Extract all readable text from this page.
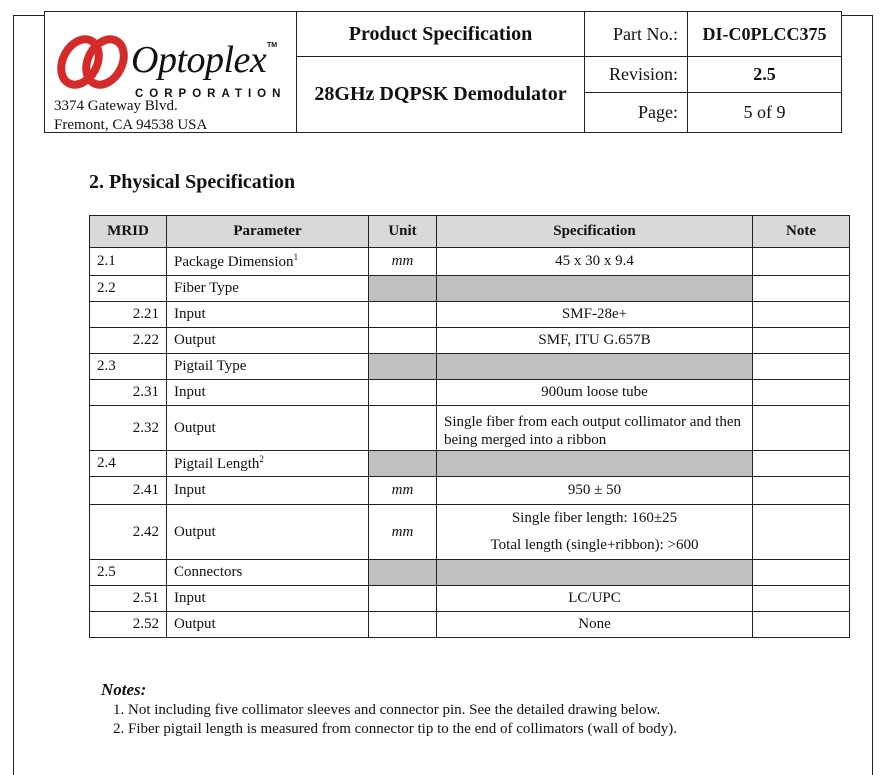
Optoplex TM
CORPORATION
3374 Gateway Blvd.
Fremont, CA 94538 USA
Product Specification
28GHz DQPSK Demodulator
Part No.:	DI-C0PLCC375
Revision:	2.5
Page:	5 of 9
2. Physical Specification
MRID	Parameter	Unit	Specification	Note
2.1	Package Dimension$^1$	mm	45 x 30 x 9.4	
2.2	Fiber Type			
2.21	Input		SMF-28e+	
2.22	Output		SMF, ITU G.657B	
2.3	Pigtail Type			
2.31	Input		900um loose tube	
2.32	Output		Single fiber from each output collimator and then being merged into a ribbon	
2.4	Pigtail Length$^2$			
2.41	Input	mm	950 ± 50	
2.42	Output	mm	Single fiber length: 160±25
Total length (single+ribbon): >600	

2.5	Connectors			
2.51	Input		LC/UPC	
2.52	Output		None	
Notes:
1. Not including five collimator sleeves and connector pin. See the detailed drawing below.
2. Fiber pigtail length is measured from connector tip to the end of collimators (wall of body).
